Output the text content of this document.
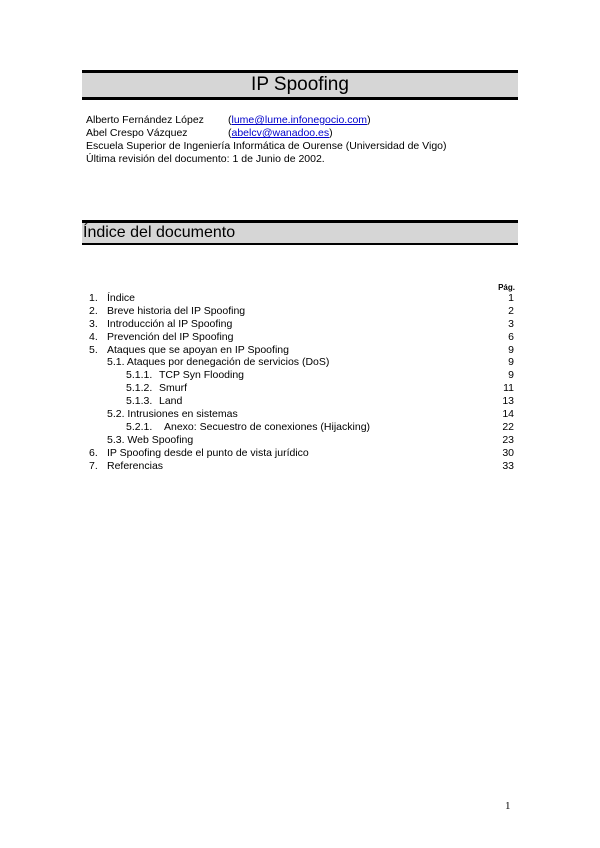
IP Spoofing
Alberto Fernández López (lume@lume.infonegocio.com)
Abel Crespo Vázquez	(abelcv@wanadoo.es)
Escuela Superior de Ingeniería Informática de Ourense (Universidad de Vigo)
Última revisión del documento: 1 de Junio de 2002.
Índice del documento
Pág.
1. Índice	1
2. Breve historia del IP Spoofing	2
3. Introducción al IP Spoofing	3
4. Prevención del IP Spoofing	6
5. Ataques que se apoyan en IP Spoofing	9
5.1. Ataques por denegación de servicios (DoS)	9
5.1.1. TCP Syn Flooding	9
5.1.2. Smurf	11
5.1.3. Land	13
5.2. Intrusiones en sistemas	14
5.2.1. Anexo: Secuestro de conexiones (Hijacking)	22
5.3. Web Spoofing	23
6. IP Spoofing desde el punto de vista jurídico	30
7. Referencias	33
1
